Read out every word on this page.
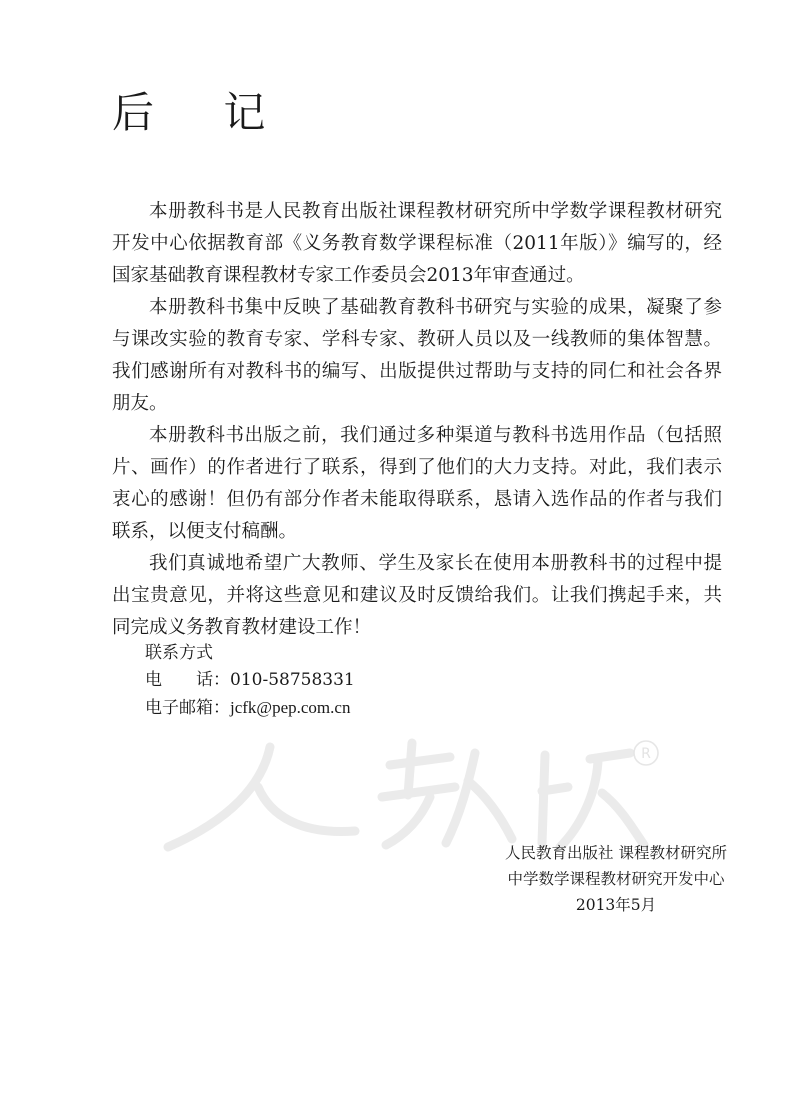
后 记

本册教科书是人民教育出版社课程教材研究所中学数学课程教材研究开发中心依据教育部《义务教育数学课程标准（2011年版）》编写的，经国家基础教育课程教材专家工作委员会2013年审查通过。

本册教科书集中反映了基础教育教科书研究与实验的成果，凝聚了参与课改实验的教育专家、学科专家、教研人员以及一线教师的集体智慧。我们感谢所有对教科书的编写、出版提供过帮助与支持的同仁和社会各界朋友。

本册教科书出版之前，我们通过多种渠道与教科书选用作品（包括照片、画作）的作者进行了联系，得到了他们的大力支持。对此，我们表示衷心的感谢！但仍有部分作者未能取得联系，恳请入选作品的作者与我们联系，以便支付稿酬。

我们真诚地希望广大教师、学生及家长在使用本册教科书的过程中提出宝贵意见，并将这些意见和建议及时反馈给我们。让我们携起手来，共同完成义务教育教材建设工作！

联系方式
电　　话：010-58758331
电子邮箱：jcfk@pep.com.cn
R
人民教育出版社 课程教材研究所
中学数学课程教材研究开发中心
2013年5月
